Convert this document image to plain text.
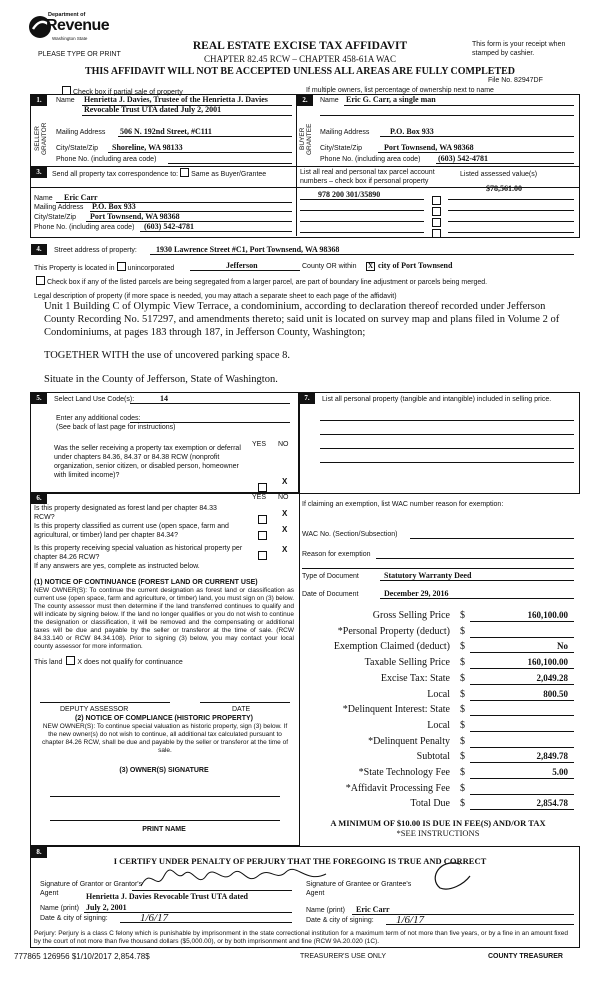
Department of
Revenue
Washington State
PLEASE TYPE OR PRINT
REAL ESTATE EXCISE TAX AFFIDAVIT
CHAPTER 82.45 RCW – CHAPTER 458-61A WAC
THIS AFFIDAVIT WILL NOT BE ACCEPTED UNLESS ALL AREAS ARE FULLY COMPLETED
This form is your receipt when stamped by cashier.
File No. 82947DF
Check box if partial sale of property	If multiple owners, list percentage of ownership next to name
1.
SELLER GRANTOR
Name Henrietta J. Davies, Trustee of the Henrietta J. Davies Revocable Trust UTA dated July 2, 2001
Mailing Address 506 N. 192nd Street, #C111
City/State/Zip Shoreline, WA 98133
Phone No. (including area code)
2.
BUYER GRANTEE
Name Eric G. Carr, a single man
Mailing Address	P.O. Box 933
City/State/Zip	Port Townsend, WA 98368
Phone No. (including area code) (603) 542-4781
3.	Send all property tax correspondence to: Same as Buyer/Grantee
Name Eric Carr
Mailing Address P.O. Box 933
City/State/Zip Port Townsend, WA 98368
Phone No. (including area code) (603) 542-4781
List all real and personal tax parcel account numbers – check box if personal property
Listed assessed value(s)
$78,561.00
978 200 301/35890
4.	Street address of property: 1930 Lawrence Street #C1, Port Townsend, WA 98368
This Property is located in unincorporated	Jefferson	County OR within	X city of Port Townsend
Check box if any of the listed parcels are being segregated from a larger parcel, are part of boundary line adjustment or parcels being merged.
Legal description of property (if more space is needed, you may attach a separate sheet to each page of the affidavit)
Unit 1 Building C of Olympic View Terrace, a condominium, according to declaration thereof recorded under Jefferson County Recording No. 517297, and amendments thereto; said unit is located on survey map and plans filed in Volume 2 of Condominiums, at pages 183 through 187, in Jefferson County, Washington;
TOGETHER WITH the use of uncovered parking space 8.
Situate in the County of Jefferson, State of Washington.
5.	Select Land Use Code(s):	14
Enter any additional codes:
(See back of last page for instructions)
YES NO
Was the seller receiving a property tax exemption or deferral under chapters 84.36, 84.37 or 84.38 RCW (nonprofit organization, senior citizen, or disabled person, homeowner with limited income)?
X
7.	List all personal property (tangible and intangible) included in selling price.
6.	YES NO
Is this property designated as forest land per chapter 84.33 RCW?	X
Is this property classified as current use (open space, farm and agricultural, or timber) land per chapter 84.34?
X
Is this property receiving special valuation as historical property per chapter 84.26 RCW?
X
If any answers are yes, complete as instructed below.
(1) NOTICE OF CONTINUANCE (FOREST LAND OR CURRENT USE)
NEW OWNER(S): To continue the current designation as forest land or classification as current use (open space, farm and agriculture, or timber) land, you must sign on (3) below. The county assessor must then determine if the land transferred continues to qualify and will indicate by signing below. If the land no longer qualifies or you do not wish to continue the designation or classification, it will be removed and the compensating or additional taxes will be due and payable by the seller or transferor at the time of sale. (RCW 84.33.140 or RCW 84.34.108). Prior to signing (3) below, you may contact your local county assessor for more information.
This land X does not qualify for continuance
DEPUTY ASSESSOR	DATE
(2) NOTICE OF COMPLIANCE (HISTORIC PROPERTY)
NEW OWNER(S): To continue special valuation as historic property, sign (3) below. If the new owner(s) do not wish to continue, all additional tax calculated pursuant to chapter 84.26 RCW, shall be due and payable by the seller or transferor at the time of sale.
(3) OWNER(S) SIGNATURE
PRINT NAME
If claiming an exemption, list WAC number reason for exemption:
WAC No. (Section/Subsection)
Reason for exemption
Type of Document	Statutory Warranty Deed
Date of Document	December 29, 2016
Gross Selling Price $	160,100.00
*Personal Property (deduct) $
Exemption Claimed (deduct) $	No
Taxable Selling Price $	160,100.00
Excise Tax: State $	2,049.28
Local $	800.50
*Delinquent Interest: State $
Local $
*Delinquent Penalty $
Subtotal $	2,849.78
*State Technology Fee $	5.00
*Affidavit Processing Fee $
Total Due $	2,854.78
A MINIMUM OF $10.00 IS DUE IN FEE(S) AND/OR TAX
*SEE INSTRUCTIONS
8.
I CERTIFY UNDER PENALTY OF PERJURY THAT THE FOREGOING IS TRUE AND CORRECT
Signature of Grantor or Grantor's Agent	Henrietta J. Davies Revocable Trust UTA dated
Name (print) July 2, 2001
Date & city of signing:	1/6/17
Signature of Grantee or Grantee's Agent
Name (print) Eric Carr
Date & city of signing: 1/6/17
Perjury: Perjury is a class C felony which is punishable by imprisonment in the state correctional institution for a maximum term of not more than five years, or by a fine in an amount fixed by the court of not more than five thousand dollars ($5,000.00), or by both imprisonment and fine (RCW 9A.20.020 (1C).
777865 126956 $1/10/2017 2,854.78$	TREASURER'S USE ONLY	COUNTY TREASURER
